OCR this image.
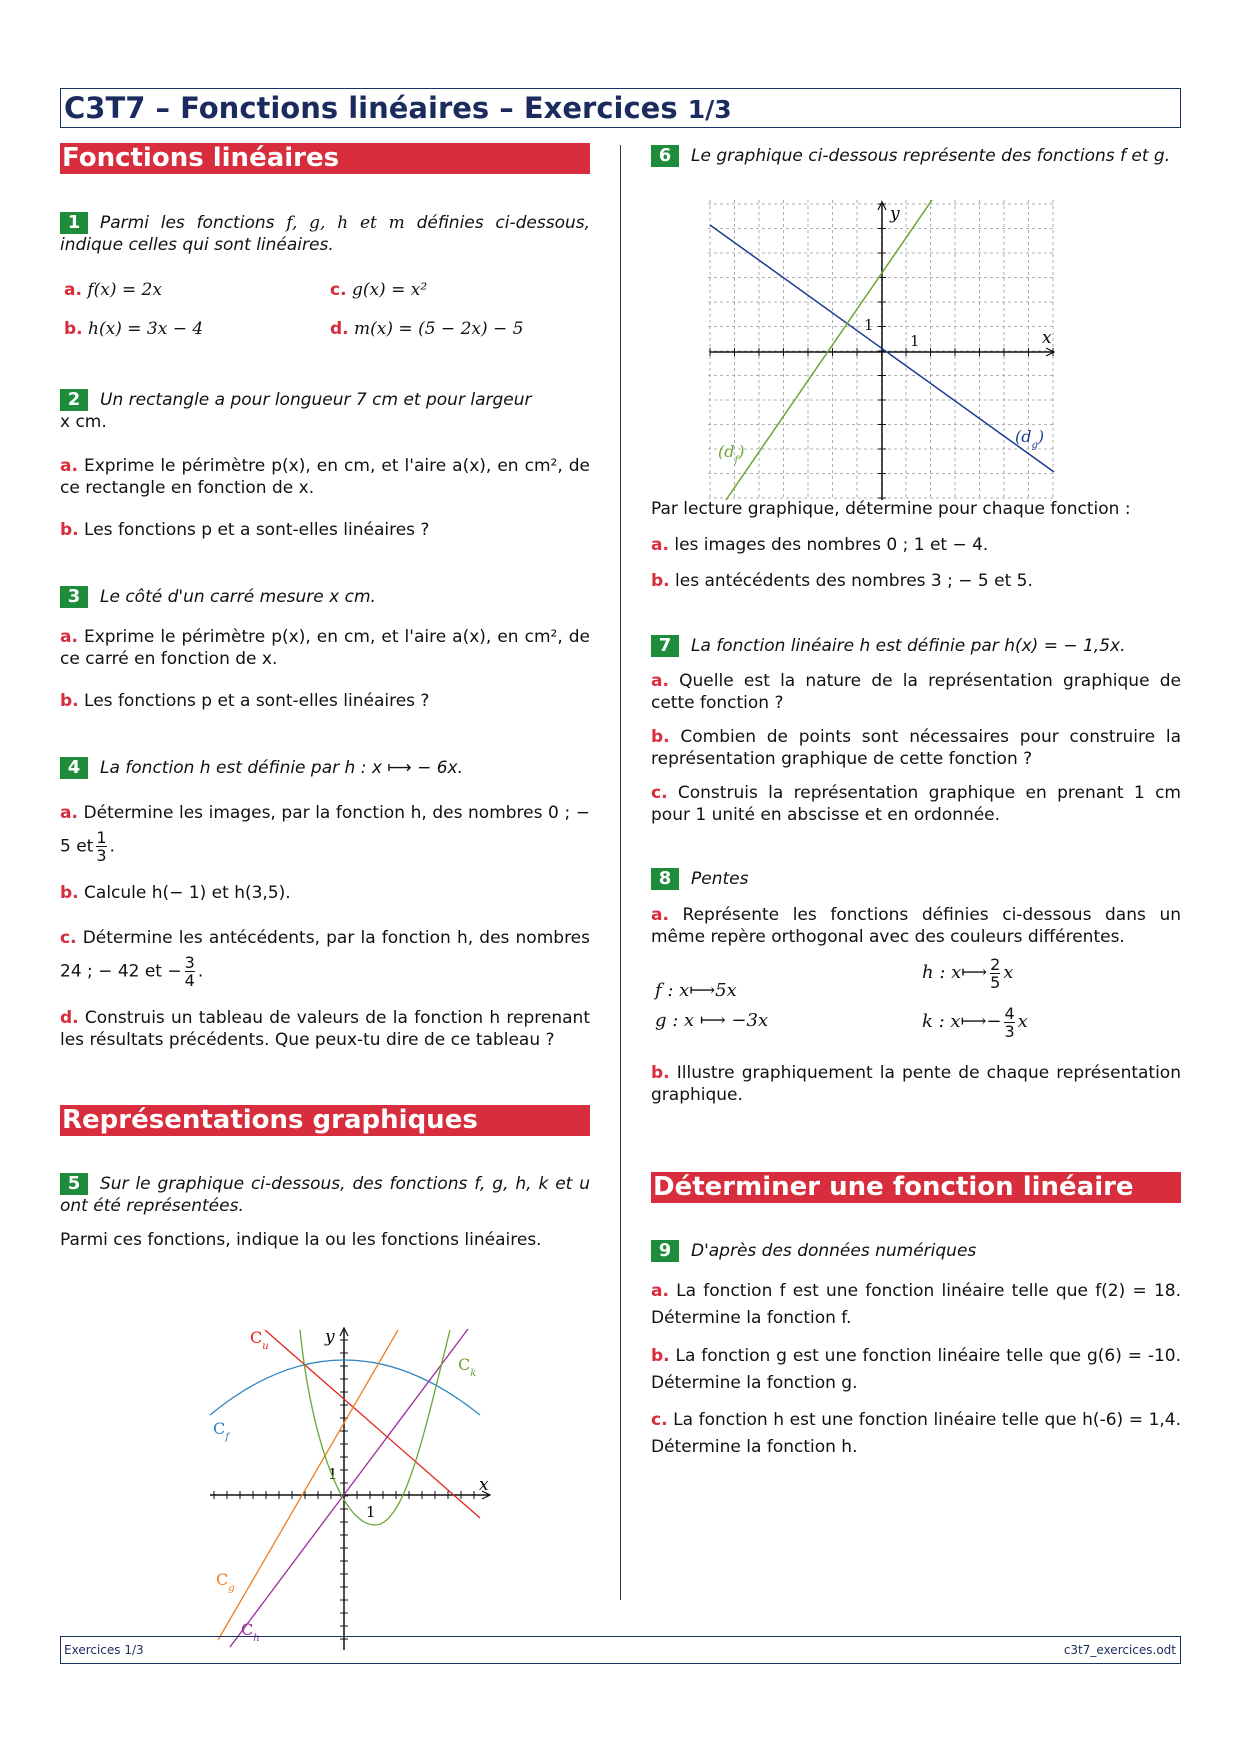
C3T7 – Fonctions linéaires – Exercices 1/3
Fonctions linéaires

1 Parmi les fonctions f, g, h et m définies ci-dessous, indique celles qui sont linéaires.

a. f(x) = 2x	c. g(x) = x²

b. h(x) = 3x − 4	d. m(x) = (5 − 2x) − 5

2 Un rectangle a pour longueur 7 cm et pour largeur
x cm.

a. Exprime le périmètre p(x), en cm, et l'aire a(x), en cm², de ce rectangle en fonction de x.

b. Les fonctions p et a sont-elles linéaires ?

3 Le côté d'un carré mesure x cm.

a. Exprime le périmètre p(x), en cm, et l'aire a(x), en cm², de ce carré en fonction de x.

b. Les fonctions p et a sont-elles linéaires ?

4 La fonction h est définie par h : x ⟼ − 6x.

a. Détermine les images, par la fonction h, des nombres 0 ; − 5 et $\frac{1}{3}$ .

b. Calcule h(− 1) et h(3,5).

c. Détermine les antécédents, par la fonction h, des nombres 24 ; − 42 et − $\frac{3}{4}$ .

d. Construis un tableau de valeurs de la fonction h reprenant les résultats précédents. Que peux-tu dire de ce tableau ?

Représentations graphiques

5 Sur le graphique ci-dessous, des fonctions f, g, h, k et u ont été représentées.

Parmi ces fonctions, indique la ou les fonctions linéaires.

y
x
1
1
$C_u$
$C_f$
$C_g$
$C_h$
$C_k$

6 Le graphique ci-dessous représente des fonctions f et g.

y
x
1
1
$(d_f)$
$(d_g)$

Par lecture graphique, détermine pour chaque fonction :

a. les images des nombres 0 ; 1 et − 4.

b. les antécédents des nombres 3 ; − 5 et 5.

7 La fonction linéaire h est définie par h(x) = − 1,5x.

a. Quelle est la nature de la représentation graphique de cette fonction ?

b. Combien de points sont nécessaires pour construire la représentation graphique de cette fonction ?

c. Construis la représentation graphique en prenant 1 cm pour 1 unité en abscisse et en ordonnée.

8 Pentes

a. Représente les fonctions définies ci-dessous dans un même repère orthogonal avec des couleurs différentes.

f : x⟼5x

g : x ⟼ −3x

h : x⟼ $\frac{2}{5}$ x

k : x⟼− $\frac{4}{3}$ x

b. Illustre graphiquement la pente de chaque représentation graphique.

Déterminer une fonction linéaire

9 D'après des données numériques

a. La fonction f est une fonction linéaire telle que f(2) = 18. Détermine la fonction f.

b. La fonction g est une fonction linéaire telle que g(6) = -10. Détermine la fonction g.

c. La fonction h est une fonction linéaire telle que h(-6) = 1,4. Détermine la fonction h.

Exercices 1/3	c3t7_exercices.odt
